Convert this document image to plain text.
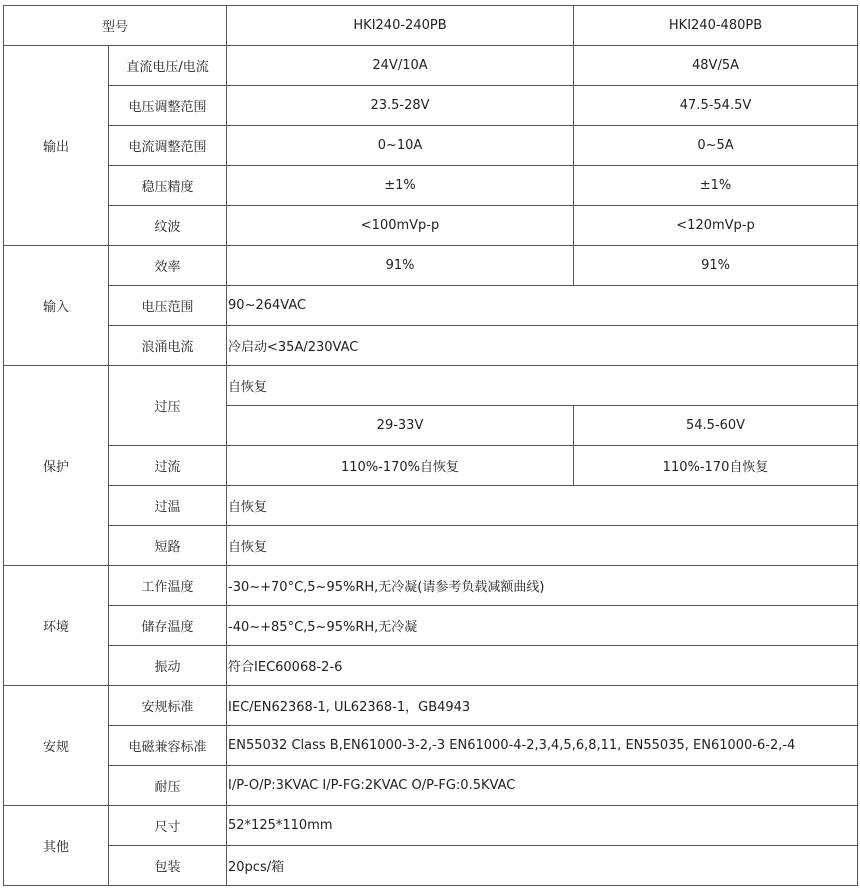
型号		HKI240-240PB	HKI240-480PB
输出	直流电压/电流	24V/10A	48V/5A
	电压调整范围	23.5-28V	47.5-54.5V
	电流调整范围	0~10A	0~5A
	稳压精度	±1%	±1%
	纹波	<100mVp-p	<120mVp-p
输入	效率	91%	91%
	电压范围	90~264VAC	
	浪涌电流	冷启动<35A/230VAC	
保护	过压	自恢复	
		29-33V	54.5-60V
	过流	110%-170%自恢复	110%-170自恢复
	过温	自恢复	
	短路	自恢复	
环境	工作温度	-30~+70°C,5~95%RH,无冷凝(请参考负载减额曲线)	
	储存温度	-40~+85°C,5~95%RH,无冷凝	
	振动	符合IEC60068-2-6	
安规	安规标准	IEC/EN62368-1, UL62368-1，GB4943	
	电磁兼容标准	EN55032 Class B,EN61000-3-2,-3 EN61000-4-2,3,4,5,6,8,11, EN55035, EN61000-6-2,-4	
	耐压	I/P-O/P:3KVAC I/P-FG:2KVAC O/P-FG:0.5KVAC	
其他	尺寸	52*125*110mm	
	包装	20pcs/箱	
